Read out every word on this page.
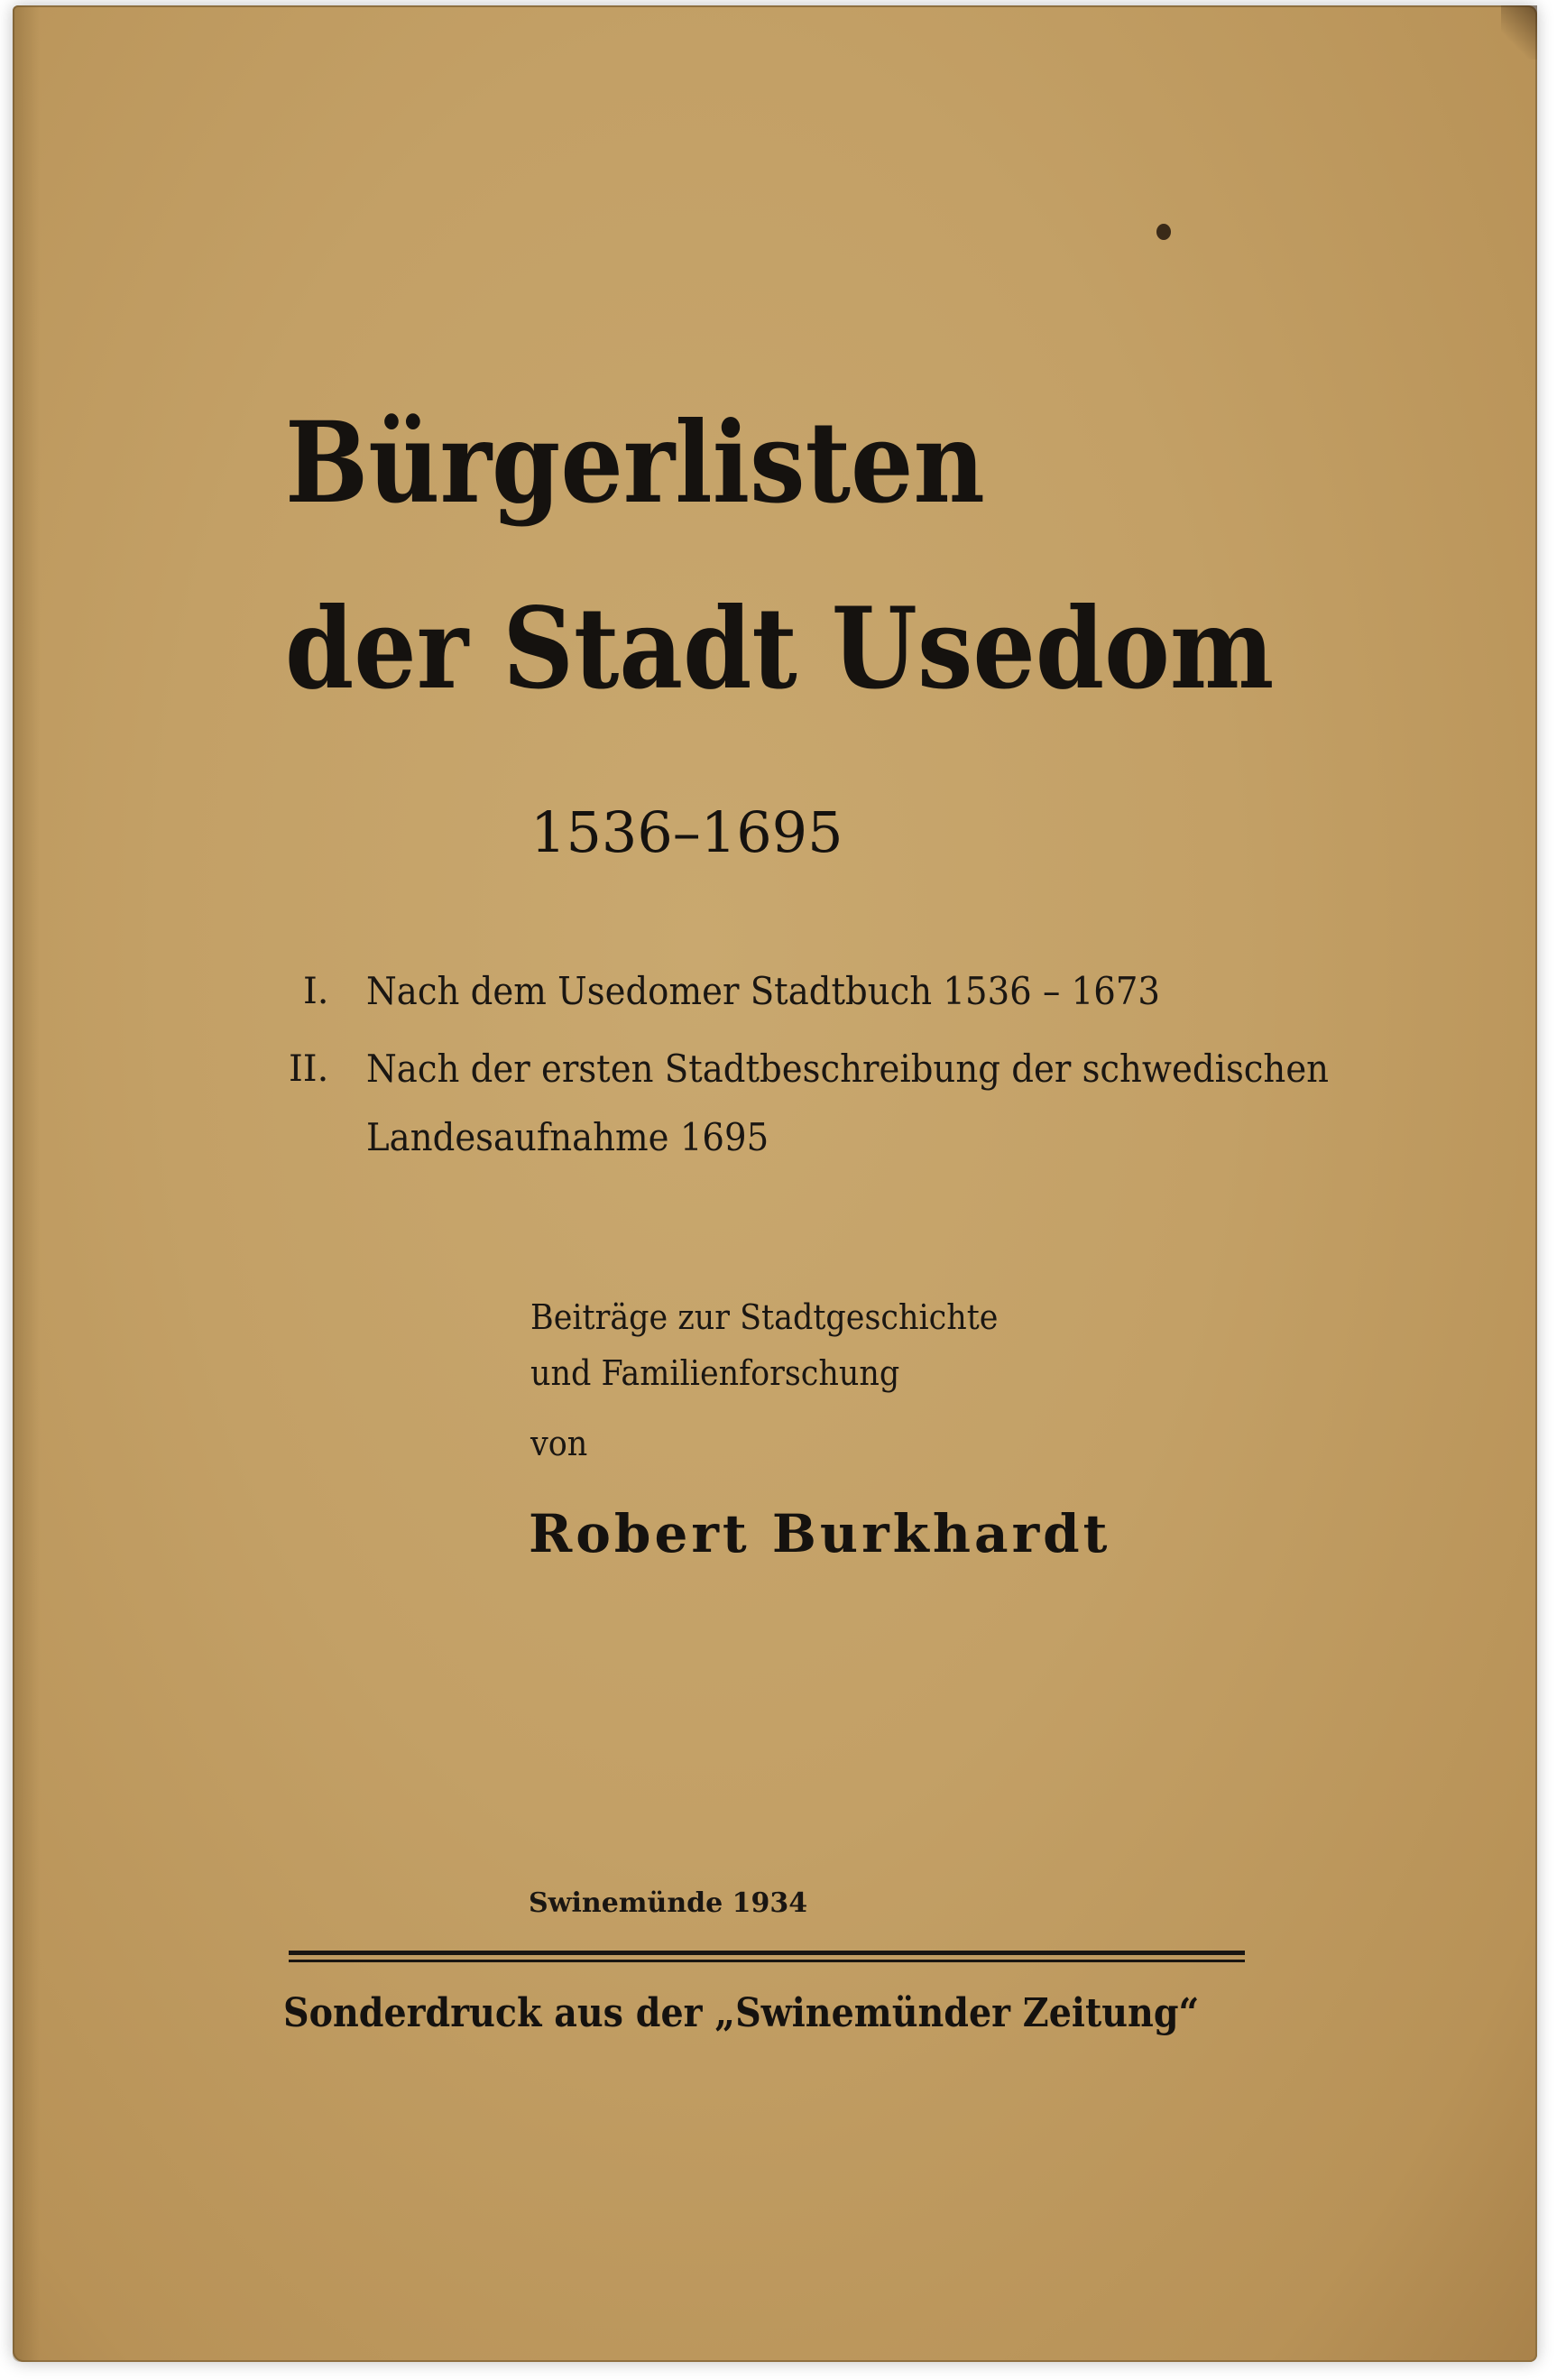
Bürgerlisten
der Stadt Usedom
1536–1695
I. Nach dem Usedomer Stadtbuch 1536 – 1673
II. Nach der ersten Stadtbeschreibung der schwedischen
Landesaufnahme 1695
Beiträge zur Stadtgeschichte
und Familienforschung
von
Robert Burkhardt
Swinemünde 1934
Sonderdruck aus der „Swinemünder Zeitung“
